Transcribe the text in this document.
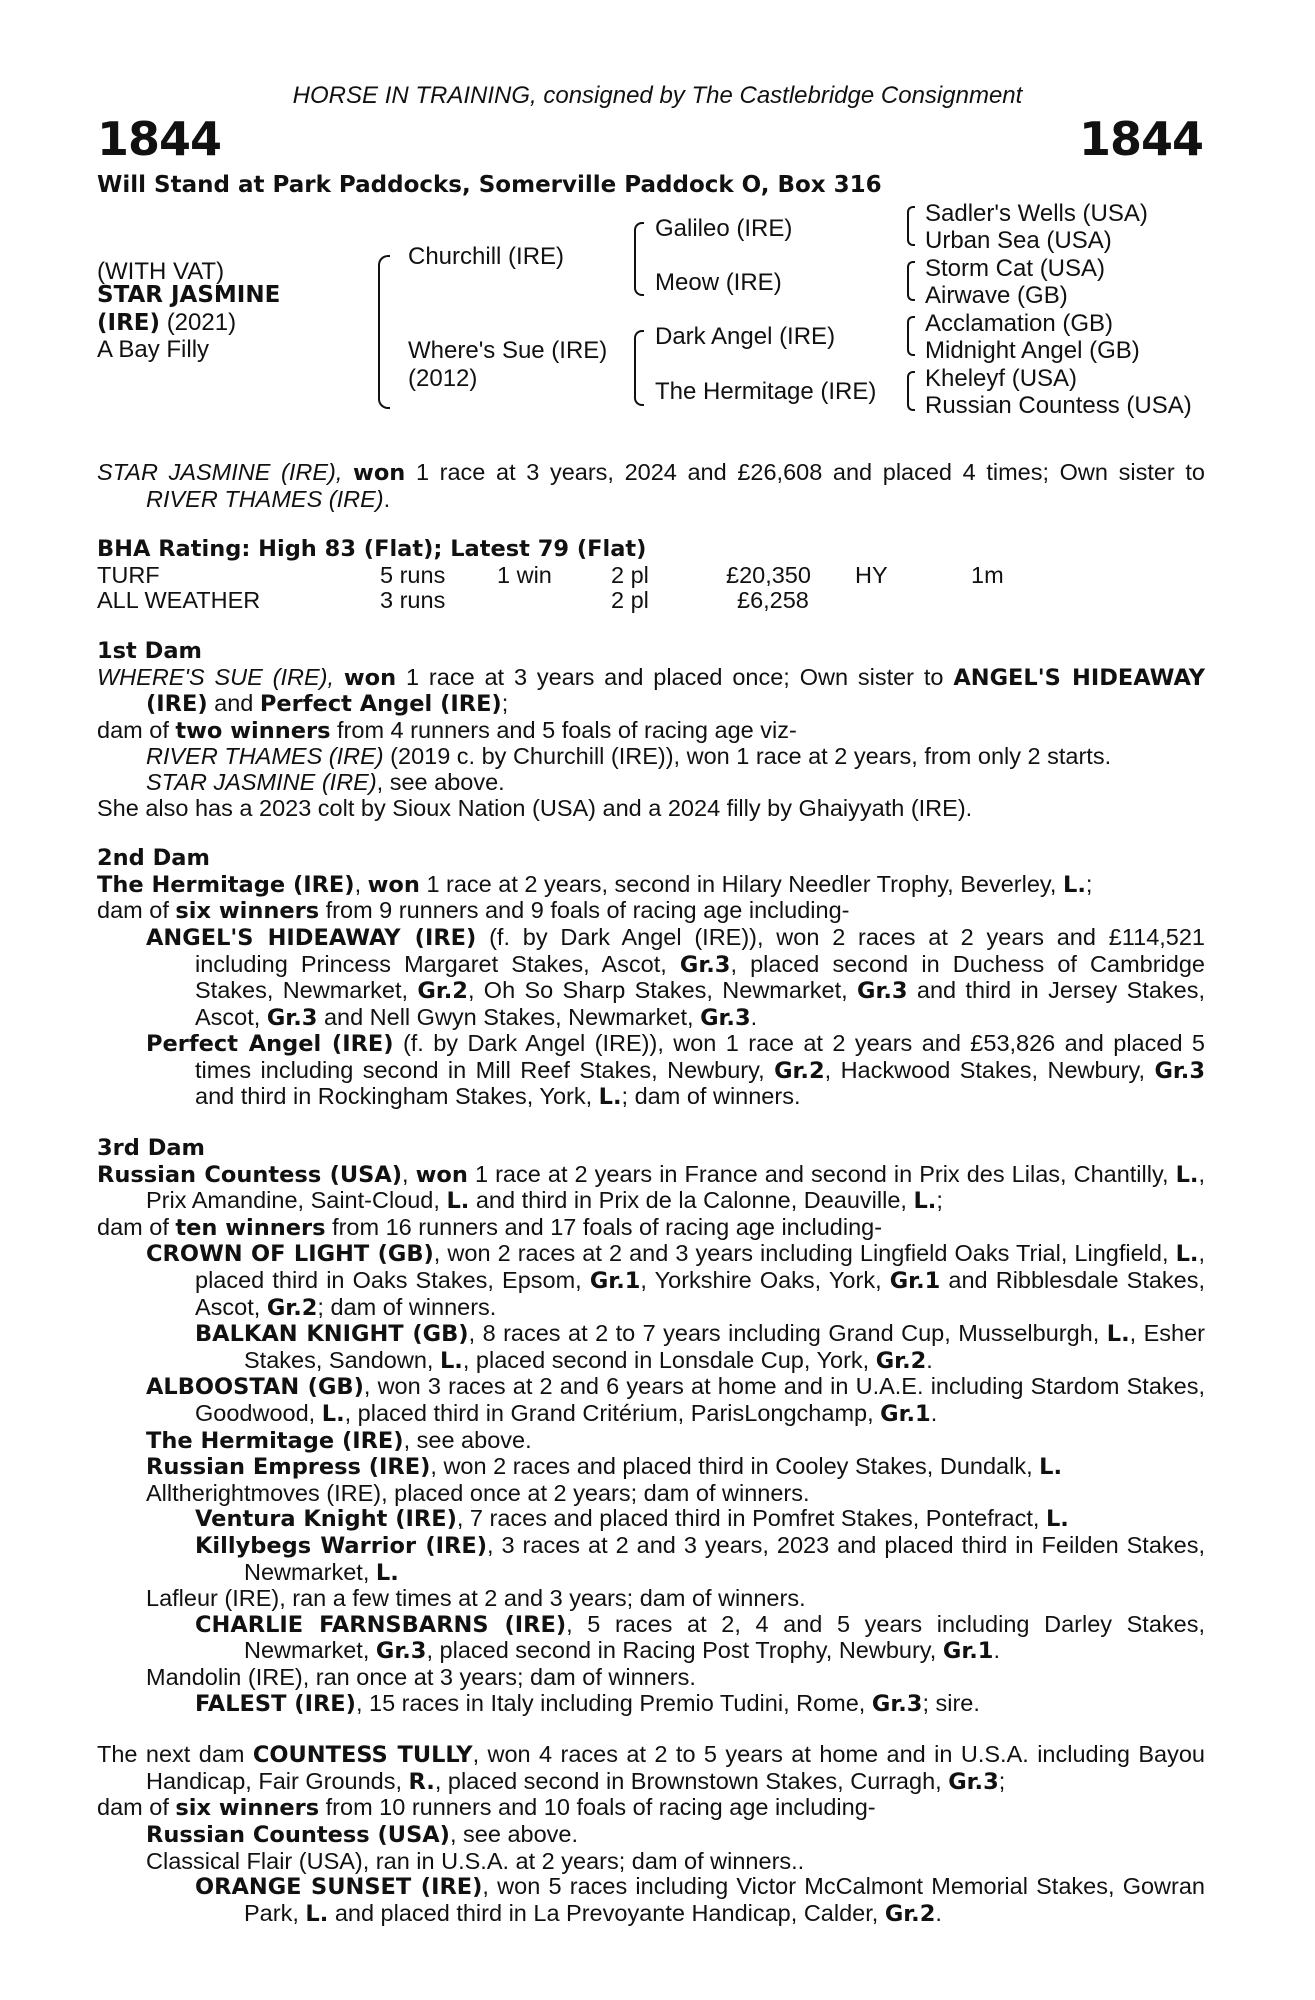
HORSE IN TRAINING, consigned by The Castlebridge Consignment
1844	1844
Will Stand at Park Paddocks, Somerville Paddock O, Box 316
(WITH VAT)
STAR JASMINE
(IRE) (2021)
A Bay Filly
Churchill (IRE)
Where's Sue (IRE)
(2012)
Galileo (IRE)
Meow (IRE)
Dark Angel (IRE)
The Hermitage (IRE)
Sadler's Wells (USA)
Urban Sea (USA)
Storm Cat (USA)
Airwave (GB)
Acclamation (GB)
Midnight Angel (GB)
Kheleyf (USA)
Russian Countess (USA)

STAR JASMINE (IRE), won 1 race at 3 years, 2024 and £26,608 and placed 4 times; Own sister to RIVER THAMES (IRE).

BHA Rating: High 83 (Flat); Latest 79 (Flat)

TURF	5 runs 1 win	2 pl	£20,350 HY	1m
ALL WEATHER	3 runs	2 pl	£6,258

1st Dam

WHERE'S SUE (IRE), won 1 race at 3 years and placed once; Own sister to ANGEL'S HIDEAWAY (IRE) and Perfect Angel (IRE);

dam of two winners from 4 runners and 5 foals of racing age viz-

RIVER THAMES (IRE) (2019 c. by Churchill (IRE)), won 1 race at 2 years, from only 2 starts.

STAR JASMINE (IRE), see above.

She also has a 2023 colt by Sioux Nation (USA) and a 2024 filly by Ghaiyyath (IRE).

2nd Dam

The Hermitage (IRE), won 1 race at 2 years, second in Hilary Needler Trophy, Beverley, L.;

dam of six winners from 9 runners and 9 foals of racing age including-

ANGEL'S HIDEAWAY (IRE) (f. by Dark Angel (IRE)), won 2 races at 2 years and £114,521 including Princess Margaret Stakes, Ascot, Gr.3, placed second in Duchess of Cambridge Stakes, Newmarket, Gr.2, Oh So Sharp Stakes, Newmarket, Gr.3 and third in Jersey Stakes, Ascot, Gr.3 and Nell Gwyn Stakes, Newmarket, Gr.3.

Perfect Angel (IRE) (f. by Dark Angel (IRE)), won 1 race at 2 years and £53,826 and placed 5 times including second in Mill Reef Stakes, Newbury, Gr.2, Hackwood Stakes, Newbury, Gr.3 and third in Rockingham Stakes, York, L.; dam of winners.

3rd Dam

Russian Countess (USA), won 1 race at 2 years in France and second in Prix des Lilas, Chantilly, L., Prix Amandine, Saint-Cloud, L. and third in Prix de la Calonne, Deauville, L.;

dam of ten winners from 16 runners and 17 foals of racing age including-

CROWN OF LIGHT (GB), won 2 races at 2 and 3 years including Lingfield Oaks Trial, Lingfield, L., placed third in Oaks Stakes, Epsom, Gr.1, Yorkshire Oaks, York, Gr.1 and Ribblesdale Stakes, Ascot, Gr.2; dam of winners.

BALKAN KNIGHT (GB), 8 races at 2 to 7 years including Grand Cup, Musselburgh, L., Esher Stakes, Sandown, L., placed second in Lonsdale Cup, York, Gr.2.

ALBOOSTAN (GB), won 3 races at 2 and 6 years at home and in U.A.E. including Stardom Stakes, Goodwood, L., placed third in Grand Critérium, ParisLongchamp, Gr.1.

The Hermitage (IRE), see above.

Russian Empress (IRE), won 2 races and placed third in Cooley Stakes, Dundalk, L.

Alltherightmoves (IRE), placed once at 2 years; dam of winners.

Ventura Knight (IRE), 7 races and placed third in Pomfret Stakes, Pontefract, L.

Killybegs Warrior (IRE), 3 races at 2 and 3 years, 2023 and placed third in Feilden Stakes, Newmarket, L.

Lafleur (IRE), ran a few times at 2 and 3 years; dam of winners.

CHARLIE FARNSBARNS (IRE), 5 races at 2, 4 and 5 years including Darley Stakes, Newmarket, Gr.3, placed second in Racing Post Trophy, Newbury, Gr.1.

Mandolin (IRE), ran once at 3 years; dam of winners.

FALEST (IRE), 15 races in Italy including Premio Tudini, Rome, Gr.3; sire.

The next dam COUNTESS TULLY, won 4 races at 2 to 5 years at home and in U.S.A. including Bayou Handicap, Fair Grounds, R., placed second in Brownstown Stakes, Curragh, Gr.3;

dam of six winners from 10 runners and 10 foals of racing age including-

Russian Countess (USA), see above.

Classical Flair (USA), ran in U.S.A. at 2 years; dam of winners..

ORANGE SUNSET (IRE), won 5 races including Victor McCalmont Memorial Stakes, Gowran Park, L. and placed third in La Prevoyante Handicap, Calder, Gr.2.
